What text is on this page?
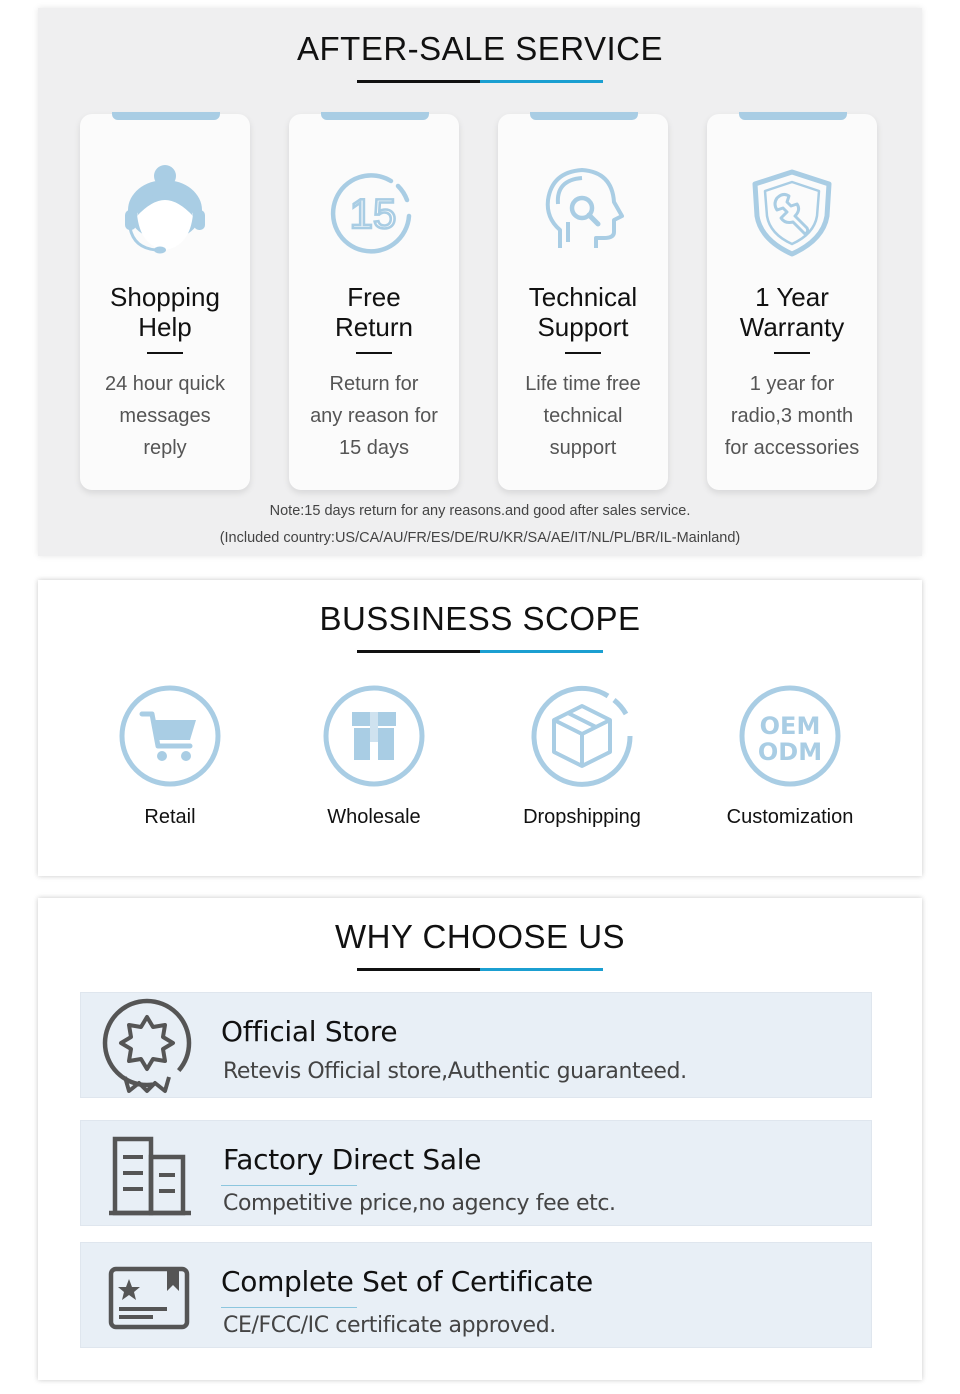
AFTER-SALE SERVICE
Shopping
Help
24 hour quick
messages
reply
15
Free
Return
Return for
any reason for
15 days
Technical
Support
Life time free
technical
support
1 Year
Warranty
1 year for
radio,3 month
for accessories
Note:15 days return for any reasons.and good after sales service.
(Included country:US/CA/AU/FR/ES/DE/RU/KR/SA/AE/IT/NL/PL/BR/IL-Mainland)
BUSSINESS SCOPE
Retail	Wholesale	Dropshipping
OEM
ODM
Customization
WHY CHOOSE US
Official Store
Retevis Official store,Authentic guaranteed.
Factory Direct Sale
Competitive price,no agency fee etc.
Complete Set of Certificate
CE/FCC/IC certificate approved.
